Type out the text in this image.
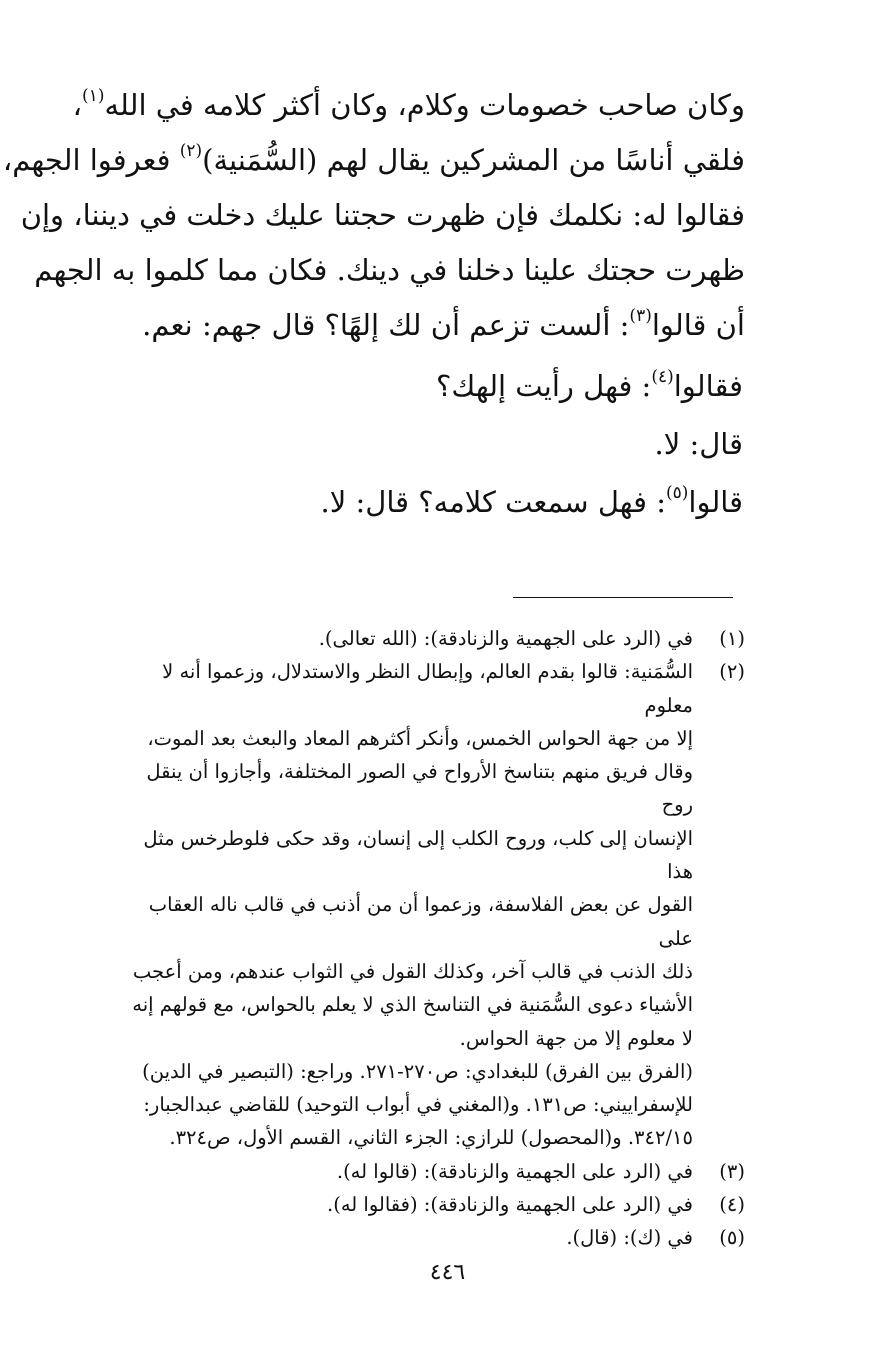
وكان صاحب خصومات وكلام، وكان أكثر كلامه في الله$^{(١)}$،
فلقي أناسًا من المشركين يقال لهم (السُّمَنية)$^{(٢)}$ فعرفوا الجهم،
فقالوا له: نكلمك فإن ظهرت حجتنا عليك دخلت في ديننا، وإن
ظهرت حجتك علينا دخلنا في دينك. فكان مما كلموا به الجهم
أن قالوا$^{(٣)}$: ألست تزعم أن لك إلهًا؟ قال جهم: نعم.

فقالوا$^{(٤)}$: فهل رأيت إلهك؟
قال: لا.
قالوا$^{(٥)}$: فهل سمعت كلامه؟ قال: لا.

(١)
في (الرد على الجهمية والزنادقة): (الله تعالى).
(٢)
السُّمَنية: قالوا بقدم العالم، وإبطال النظر والاستدلال، وزعموا أنه لا معلوم
إلا من جهة الحواس الخمس، وأنكر أكثرهم المعاد والبعث بعد الموت،
وقال فريق منهم بتناسخ الأرواح في الصور المختلفة، وأجازوا أن ينقل روح
الإنسان إلى كلب، وروح الكلب إلى إنسان، وقد حكى فلوطرخس مثل هذا
القول عن بعض الفلاسفة، وزعموا أن من أذنب في قالب ناله العقاب على
ذلك الذنب في قالب آخر، وكذلك القول في الثواب عندهم، ومن أعجب
الأشياء دعوى السُّمَنية في التناسخ الذي لا يعلم بالحواس، مع قولهم إنه
لا معلوم إلا من جهة الحواس.
(الفرق بين الفرق) للبغدادي: ص٢٧٠-٢٧١. وراجع: (التبصير في الدين)
للإسفراييني: ص١٣١. و(المغني في أبواب التوحيد) للقاضي عبدالجبار:
٣٤٢/١٥. و(المحصول) للرازي: الجزء الثاني، القسم الأول، ص٣٢٤.
(٣)
في (الرد على الجهمية والزنادقة): (قالوا له).
(٤)
في (الرد على الجهمية والزنادقة): (فقالوا له).
(٥)
في (ك): (قال).
٤٤٦
